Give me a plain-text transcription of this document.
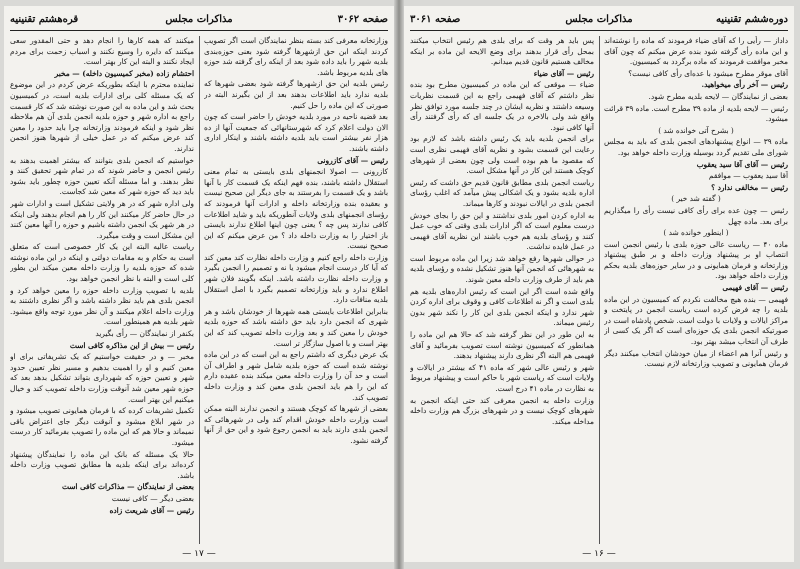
صفحه ۳۰۶۲
مذاکرات مجلس
قره‌هشتم تقنینیه

وزارتخانه معرفی کند بسته بنظر نمایندگان است اگر تصویب کردند اینکه ابن حق ازشهرها گرفته شود بعنی حوزه‌بندی بلدیه شهر را باید داده شود بعد از اینکه رای گرفته شد حوزه های بلدیه مربوط باشد.

رئیس بلدیه این حق ازشهرها گرفته شود بعضی شهرها که بلدیه ندارد باید اطلاعات بدهند بعد از این بگیرند البته در صورتی که این ماده را حل کنیم.

بعد قضیه ناحیه در مورد بلدیه خودش را حاضر است که چون الان دولت اعلام کرد که شهرستانهائی که جمعیت آنها از ده هزار نفر بیشتر است باید بلدیه داشته باشند و اینکار اداری داشته باشند.

رئیس — آقای کازرونی

کازرونی — اصولا انجمنهای بلدی بایستی به تمام معنی استقلال داشته باشند، بنده فهم اینکه یک قسمت کار با آنها باشد و یک قسمت را بفرستند به جای دیگر این صحیح نیست و بعقیده بنده وزارتخانه داخله و ادارات آنها فرمودند که رؤسای انجمنهای بلدی ولایات آنطوریکه باید و شاید اطلاعات کافی ندارند پس چه ؟ یعنی چون اینها اطلاع ندارند بایستی باز اختیار را به وزارت داخله داد ؟ من عرض میکنم که این صحیح نیست.

وزارت داخله راجع کنیم و وزارت داخله نظارت کند معین کند که آیا کار درست انجام میشود یا نه و تصمیم را انجمن بگیرد و وزارت داخله نظارت داشته باشد. اینکه بگویند فلان شهر اطلاع ندارد و باید وزارتخانه تصمیم بگیرد با اصل استقلال بلدیه منافات دارد.

بنابراین اطلاعات بایستی همه شهرها از خودشان باشد و هر شهری که انجمن دارد باید حق داشته باشد که حوزه بلدیه خودش را معین کند و بعد وزارت داخله تصویب کند که این بهتر است و با اصول سازگار تر است.

یک عرض دیگری که داشتم راجع به این است که در این ماده نوشته شده است که حوزه بلدیه شامل شهر و اطراف آن است و حد آن را وزارت داخله معین میکند بنده عقیده دارم که این را هم باید انجمن بلدی معین کند و وزارت داخله تصویب کند.

بعضی از شهرها که کوچک هستند و انجمن ندارند البته ممکن است وزارت داخله خودش اقدام کند ولی در شهرهائی که انجمن بلدی دارند باید به انجمن رجوع شود و این حق از آنها گرفته نشود.

میکنند که همه کارها را انجام دهد و حتی المقدور سعی میکنند که دایره را وسیع نکنند و اسباب زحمت برای مردم ایجاد نکنند و البته این کار بهتر است.

احتشام زاده (مخبر کمیسیون داخله) — مخبر

نماینده محترم با اینکه بطوریکه عرض کردم در این موضوع که یک مسئله کلی برای ادارات بلدیه است، در کمیسیون بحث شد و این ماده به این صورت نوشته شد که کار قسمت راجع به اداره شهر و حوزه بلدیه انجمن بلدی آن هم ملاحظه نظر شود و اینکه فرمودند وزارتخانه چرا باید حدود را معین کند عرض میکنم که در عمل خیلی از شهرها هنوز انجمن ندارند.

خواستیم که انجمن بلدی بتوانند که بیشتر اهمیت بدهند به رئیس انجمن و حاضر شوند که در تمام شهر تحقیق کنند و نظر بدهند. و اما مسئله آنکه تعیین حوزه چطور باید بشود باید دید که حوزه شهر که معین شد کجاست.

ولی اداره شهر که در هر ولایتی تشکیل است و ادارات شهر در حال حاضر کار میکنند این کار را هم انجام بدهند ولی اینکه در هر شهر یک انجمن داشته باشیم و حوزه را آنها معین کنند این مشکل است و وقت میگیرد.

ریاست عالیه البته این یک کار خصوصی است که متعلق است به حکام و به مقامات دولتی و اینکه در این ماده نوشته شده که حوزه بلدیه را وزارت داخله معین میکند این بطور کلی است و البته با نظر انجمن خواهد بود.

بلدیه با تصویب وزارت داخله حوزه را معین خواهد کرد و انجمن بلدی هم باید نظر داشته باشد و اگر نظری داشتند به وزارت داخله اعلام میکنند و آن نظر مورد توجه واقع میشود. شهر بلدیه هم همینطور است.

بکنفر از نمایندگان — رأی بگیرید

رئیس — بیش از این مذاکره کافی است

مخبر — و در حقیقت خواستیم که یک تشریفاتی برای او معین کنیم و او را اهمیت بدهیم و مسیر نظر تعیین حدود شهر و تعیین حوزه که شهرداری بتواند تشکیل بدهد بعد که حوزه شهر معین شد آنوقت وزارت داخله تصویب کند و خیال میکنیم این بهتر است.

تکمیل تشریفات کرده که با فرمان همایونی تصویب میشود و در شهر ابلاغ میشود و آنوقت دیگر جای اعتراض باقی نمیماند و حالا هم که این ماده را تصویب بفرمائید کار درست میشود.

حالا یک مسئله که بانک این ماده را نمایندگان پیشنهاد کرده‌اند برای اینکه بلدیه ها مطابق تصویب وزارت داخله باشد.

بعضی از نمایندگان — مذاکرات کافی است

بعضی دیگر — کافی نیست

رئیس — آقای شریعت زاده

— ۱۷ —
دوره‌ششم تقنینیه
مذاکرات مجلس
صفحه ۳۰۶۱

داداز — رأیی را که آقای ضیاء فرمودند که ماده را نوشته‌اند و این ماده رأی گرفته شود بنده عرض میکنم که چون آقای مخبر موافقت فرمودند که ماده برگردد به کمیسیون.

آقای موقر مطرح میشود با عده‌ای رأی کافی نیست؟

رئیس — آخر رأی میخواهید.

بعضی از نمایندگان — لایحه بلدیه مطرح شود.

رئیس — لایحه بلدیه از ماده ۳۹ مطرح است. ماده ۳۹ قرائت میشود.

( بشرح آتی خوانده شد )

ماده ۳۹ — انواع پیشنهادهای انجمن بلدی که باید به مجلس شورای ملی تقدیم گردد بوسیله وزارت داخله خواهد بود.

رئیس — آقای آقا سید یعقوب

آقا سید یعقوب — موافقم

رئیس — مخالفی ندارد ؟

( گفته شد خیر )

رئیس — چون عده برای رأی کافی نیست رأی را میگذاریم برای بعد. ماده چهل

( اینطور خوانده شد )

ماده ۴۰ — ریاست عالی حوزه بلدی با رئیس انجمن است انتصاب او بر پیشنهاد وزارت داخله و بر طبق پیشنهاد وزارتخانه و فرمان همایونی و در سایر حوزه‌های بلدیه بحکم وزارت داخله خواهد بود.

رئیس — آقای فهیمی

فهیمی — بنده هیچ مخالفت نکردم که کمیسیون در این ماده بلدیه را چه فرض کرده است ریاست انجمن در پایتخت و مراکز ایالات و ولایات با دولت است. شخص پادشاه است در صورتیکه انجمن بلدی یک حوزه‌ای است که اگر یک کسی از طرف آن انتخاب میشد بهتر بود.

و رئیس آنرا هم اعضاء از میان خودشان انتخاب میکنند دیگر فرمان همایونی و تصویب وزارتخانه لازم نیست.

پس باید هر وقت که برای بلدی هم رئیس انتخاب میکنند بمحل رأی قرار بدهند برای وضع الایحه این ماده بر اینکه مخالف هستیم قانون قدیم میدانم.

رئیس — آقای ضیاء

ضیاء — موقعی که این ماده در کمیسیون مطرح بود بنده نظر داشتم که آقای فهیمی راجع به این قسمت نظریات وسیعه داشتند و نظریه ایشان در چند جلسه مورد توافق نظر واقع شد ولی بالاخره در یک جلسه ای که رأی گرفتند رأی آنها کافی نبود.

برای انجمن بلدیه باید یک رئیس داشته باشد که لازم بود رعایت این قسمت بشود و نظریه آقای فهیمی نظری است که مقصود ما هم بوده است ولی چون بعضی از شهرهای کوچک هستند این کار در آنها مشکل است.

ریاست انجمن بلدی مطابق قانون قدیم حق داشت که رئیس اداره بلدیه بشود و یک اشکالی پیش میآمد که اغلب رؤسای انجمن بلدی در ایالات نبودند و کارها میماند.

به اداره کردن امور بلدی نداشتند و این حق را بجای خودش درست معلوم است که اگر ادارات بلدی وقتی که خوب عمل کنند و رؤسای بلدیه هم خوب باشند این نظریه آقای فهیمی در عمل فایده نداشت.

در حوالی شهرها رفع خواهد شد زیرا این ماده مربوط است به شهرهائی که انجمن آنها هنوز تشکیل نشده و رؤسای بلدیه هم باید از طرف وزارت داخله معین شوند.

واقع شده است اگر این است که رئیس اداره‌های بلدیه هم بلدی است و اگر نه اطلاعات کافی و وقوف برای اداره کردن شهر ندارد و اینکه انجمن بلدی این کار را نکند شهر بدون رئیس میماند.

به این طور در این نظر گرفته شد که حالا هم این ماده را همانطور که کمیسیون نوشته است تصویب بفرمائید و آقای فهیمی هم البته اگر نظری دارند پیشنهاد بدهند.

شهر و رئیس عالی شهر که ماده ۴۱ که بیشتر در ایالات و ولایات است که ریاست شهر با حاکم است و پیشنهاد مربوط به نظارت در ماده ۴۱ درج است.

وزارت داخله به انجمن معرفی کند حتی اینکه انجمن به شهرهای کوچک نیست و در شهرهای بزرگ هم وزارت داخله مداخله میکند.

— ۱۶ —
